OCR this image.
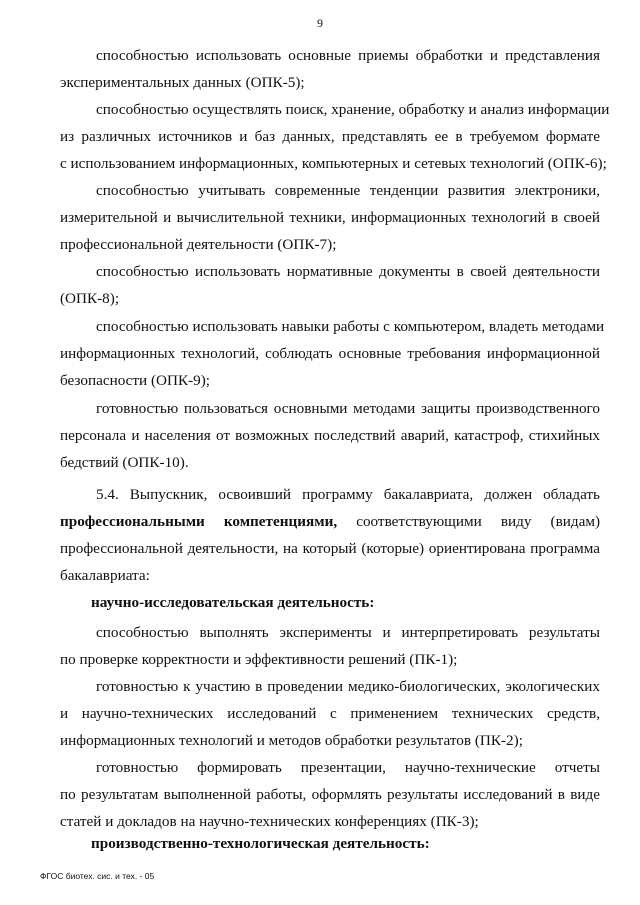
9

способностью использовать основные приемы обработки и представления
экспериментальных данных (ОПК-5);

способностью осуществлять поиск, хранение, обработку и анализ информации
из различных источников и баз данных, представлять ее в требуемом формате
с использованием информационных, компьютерных и сетевых технологий (ОПК-6);

способностью учитывать современные тенденции развития электроники,
измерительной и вычислительной техники, информационных технологий в своей
профессиональной деятельности (ОПК-7);

способностью использовать нормативные документы в своей деятельности
(ОПК-8);

способностью использовать навыки работы с компьютером, владеть методами
информационных технологий, соблюдать основные требования информационной
безопасности (ОПК-9);

готовностью пользоваться основными методами защиты производственного
персонала и населения от возможных последствий аварий, катастроф, стихийных
бедствий (ОПК-10).

5.4. Выпускник, освоивший программу бакалавриата, должен обладать
профессиональными компетенциями, соответствующими виду (видам)
профессиональной деятельности, на который (которые) ориентирована программа
бакалавриата:

научно-исследовательская деятельность:

способностью выполнять эксперименты и интерпретировать результаты
по проверке корректности и эффективности решений (ПК-1);

готовностью к участию в проведении медико-биологических, экологических
и научно-технических исследований с применением технических средств,
информационных технологий и методов обработки результатов (ПК-2);

готовностью формировать презентации, научно-технические отчеты
по результатам выполненной работы, оформлять результаты исследований в виде
статей и докладов на научно-технических конференциях (ПК-3);

производственно-технологическая деятельность:
ФГОС биотех. сис. и тех. - 05
